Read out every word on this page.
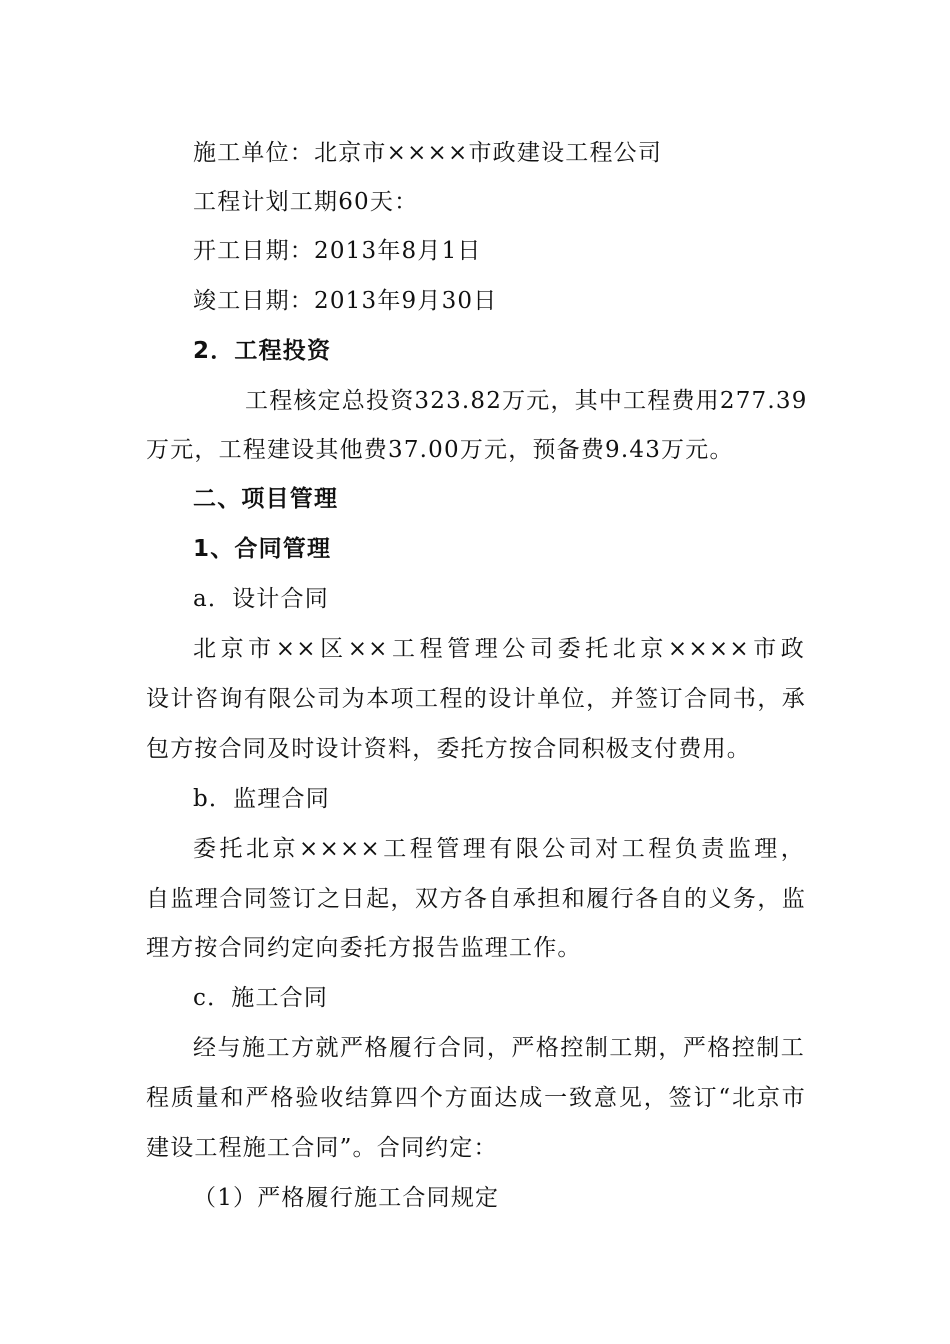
施工单位：北京市××××市政建设工程公司
工程计划工期60天：
开工日期：2013年8月1日
竣工日期：2013年9月30日
2．工程投资
工程核定总投资323.82万元，其中工程费用277.39
万元，工程建设其他费37.00万元，预备费9.43万元。
二、项目管理
1、合同管理
a．设计合同
北京市××区××工程管理公司委托北京××××市政
设计咨询有限公司为本项工程的设计单位，并签订合同书，承
包方按合同及时设计资料，委托方按合同积极支付费用。
b．监理合同
委托北京××××工程管理有限公司对工程负责监理，
自监理合同签订之日起，双方各自承担和履行各自的义务，监
理方按合同约定向委托方报告监理工作。
c．施工合同
经与施工方就严格履行合同，严格控制工期，严格控制工
程质量和严格验收结算四个方面达成一致意见，签订“北京市
建设工程施工合同”。合同约定：
（1）严格履行施工合同规定
